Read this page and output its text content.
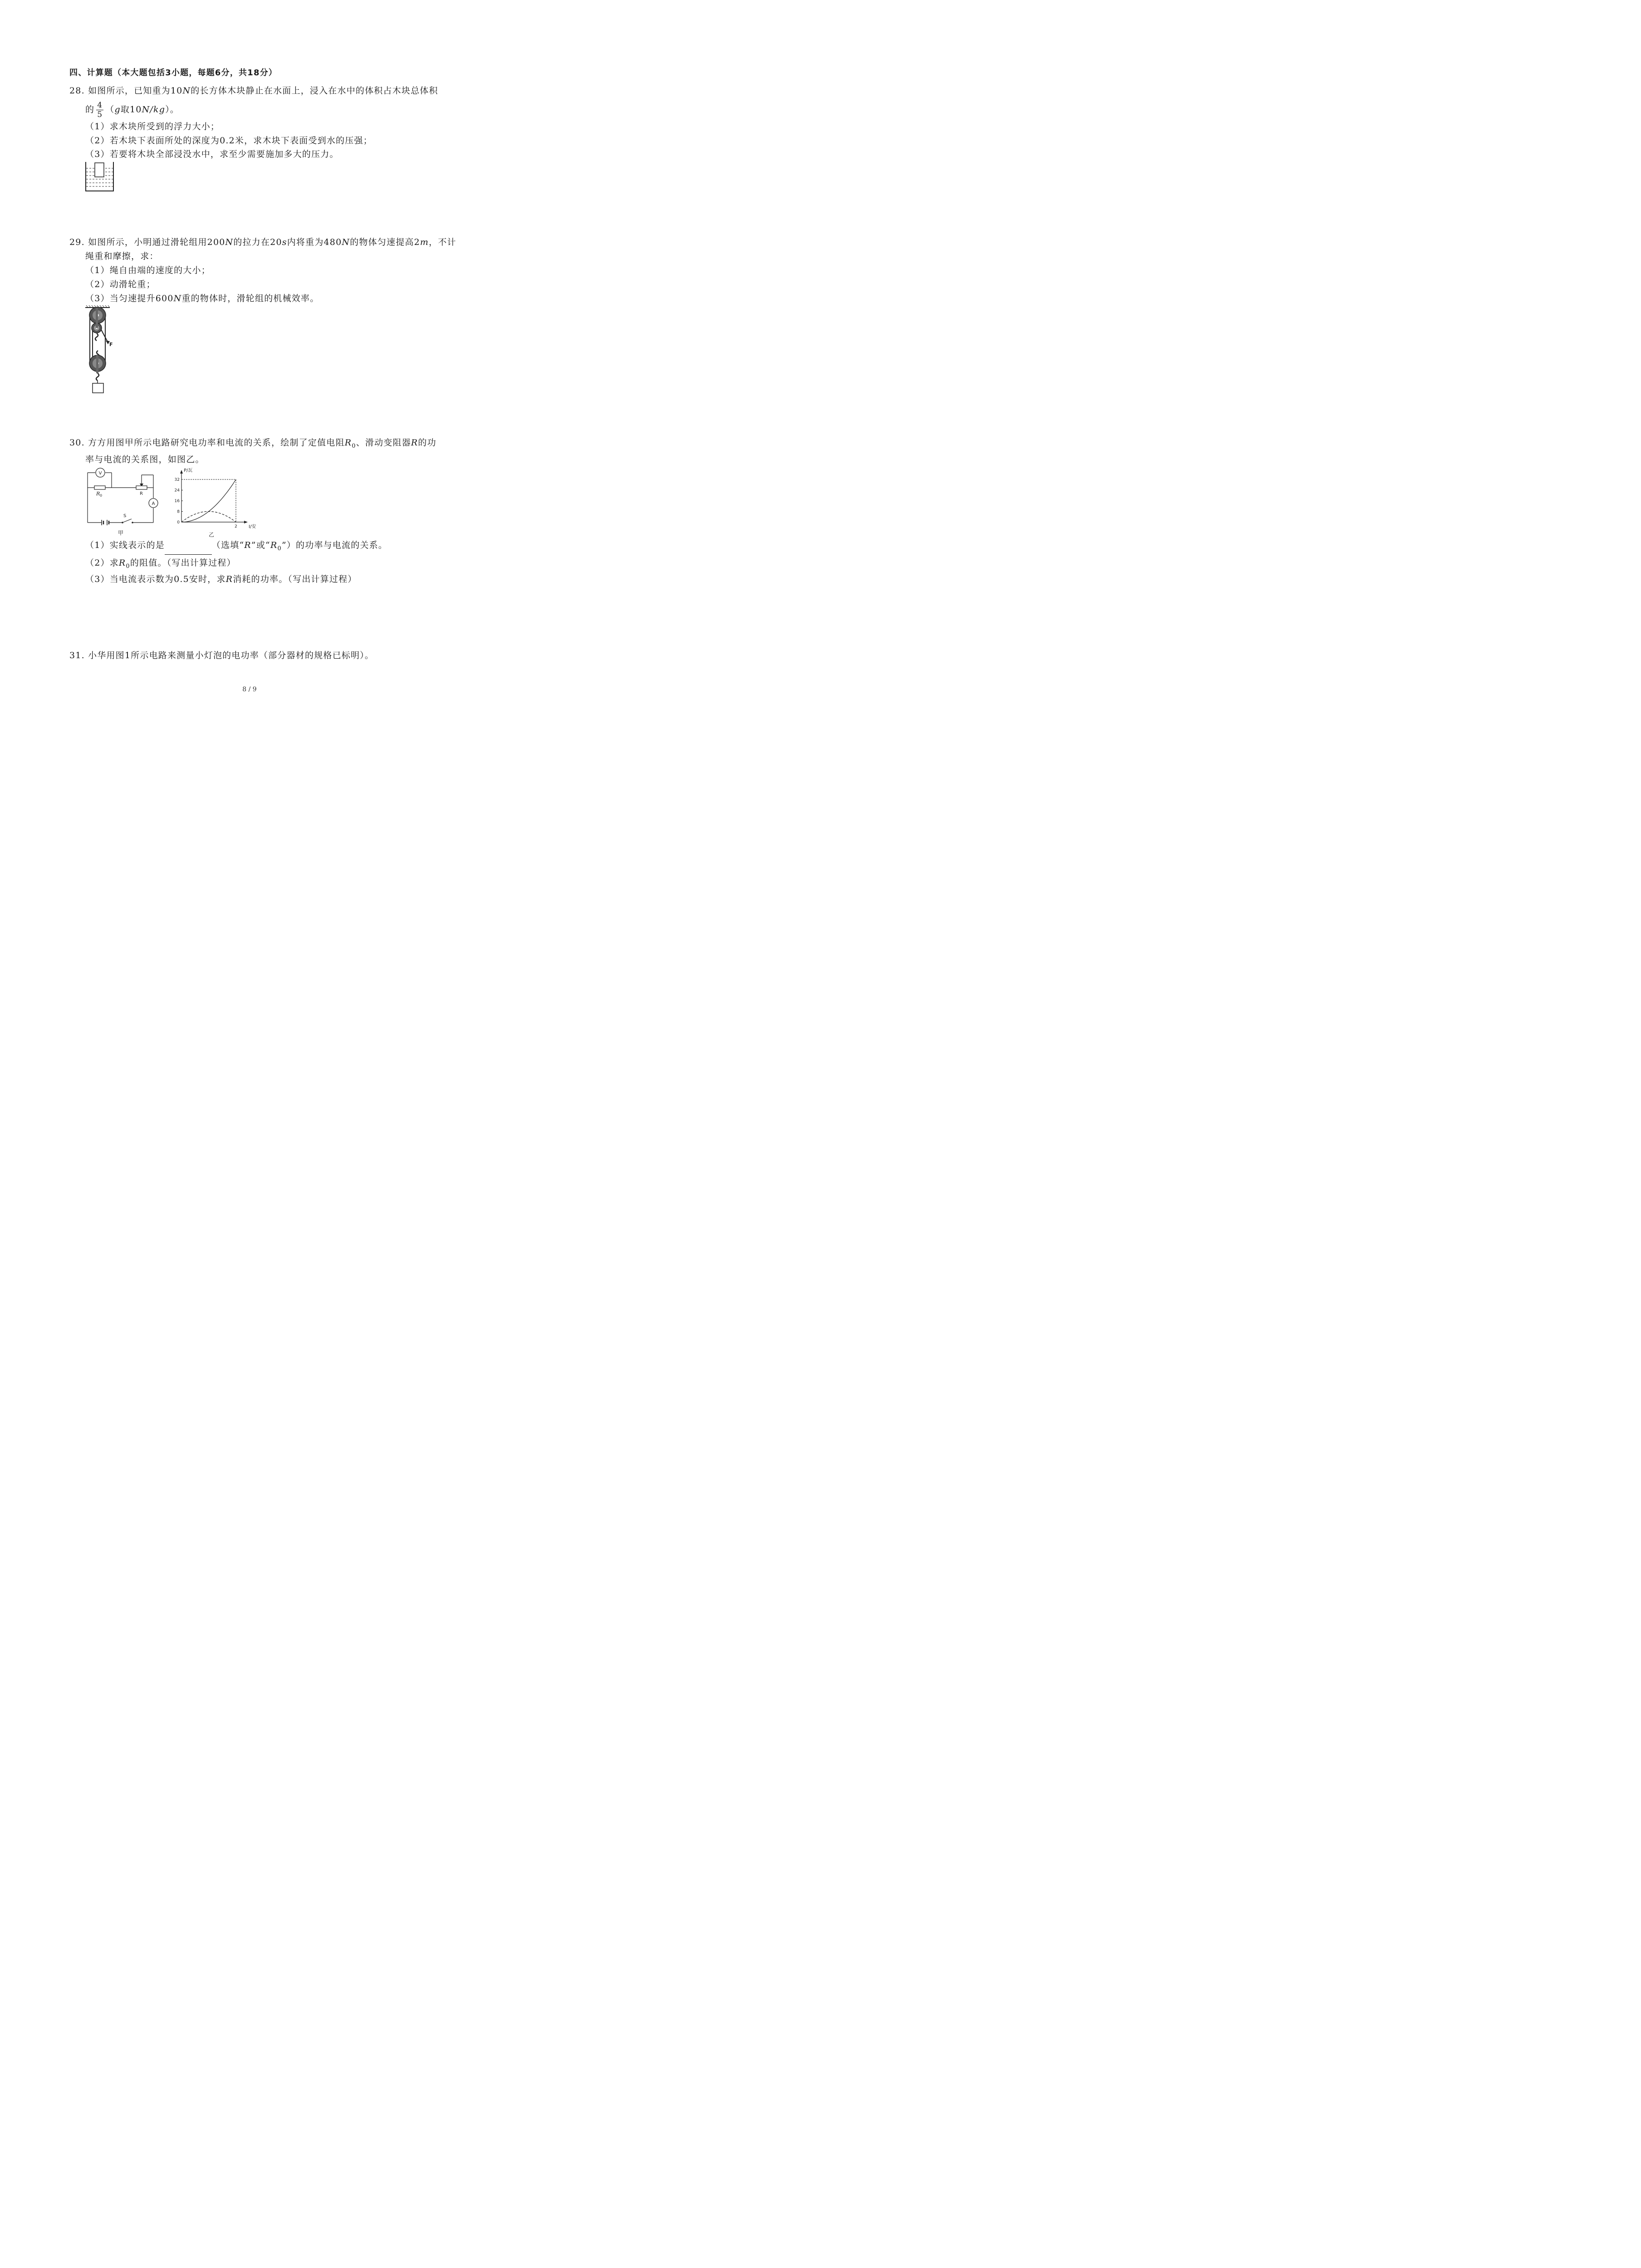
四、计算题（本大题包括3小题，每题6分，共18分）
28. 如图所示，已知重为10N的长方体木块静止在水面上，浸入在水中的体积占木块总体积
的 $\frac{4}{5} (g$取10N/kg）。
（1）求木块所受到的浮力大小；
（2）若木块下表面所处的深度为0.2米，求木块下表面受到水的压强；
（3）若要将木块全部浸没水中，求至少需要施加多大的压力。
29. 如图所示，小明通过滑轮组用200N的拉力在20s内将重为480N的物体匀速提高2m，不计
绳重和摩擦，求：
（1）绳自由端的速度的大小；
（2）动滑轮重；
（3）当匀速提升600N重的物体时，滑轮组的机械效率。
F
30. 方方用图甲所示电路研究电功率和电流的关系，绘制了定值电阻$R_0$、滑动变阻器R的功
率与电流的关系图，如图乙。
V
R 0	R
A
S
甲
P/瓦
I/安
0
8
16
24
32
2
乙
（1）实线表示的是	（选填“R”或“$R_0$”）的功率与电流的关系。
（2）求$R_0$的阻值。（写出计算过程）
（3）当电流表示数为0.5安时，求R消耗的功率。（写出计算过程）
31. 小华用图1所示电路来测量小灯泡的电功率（部分器材的规格已标明）。
8 / 9
